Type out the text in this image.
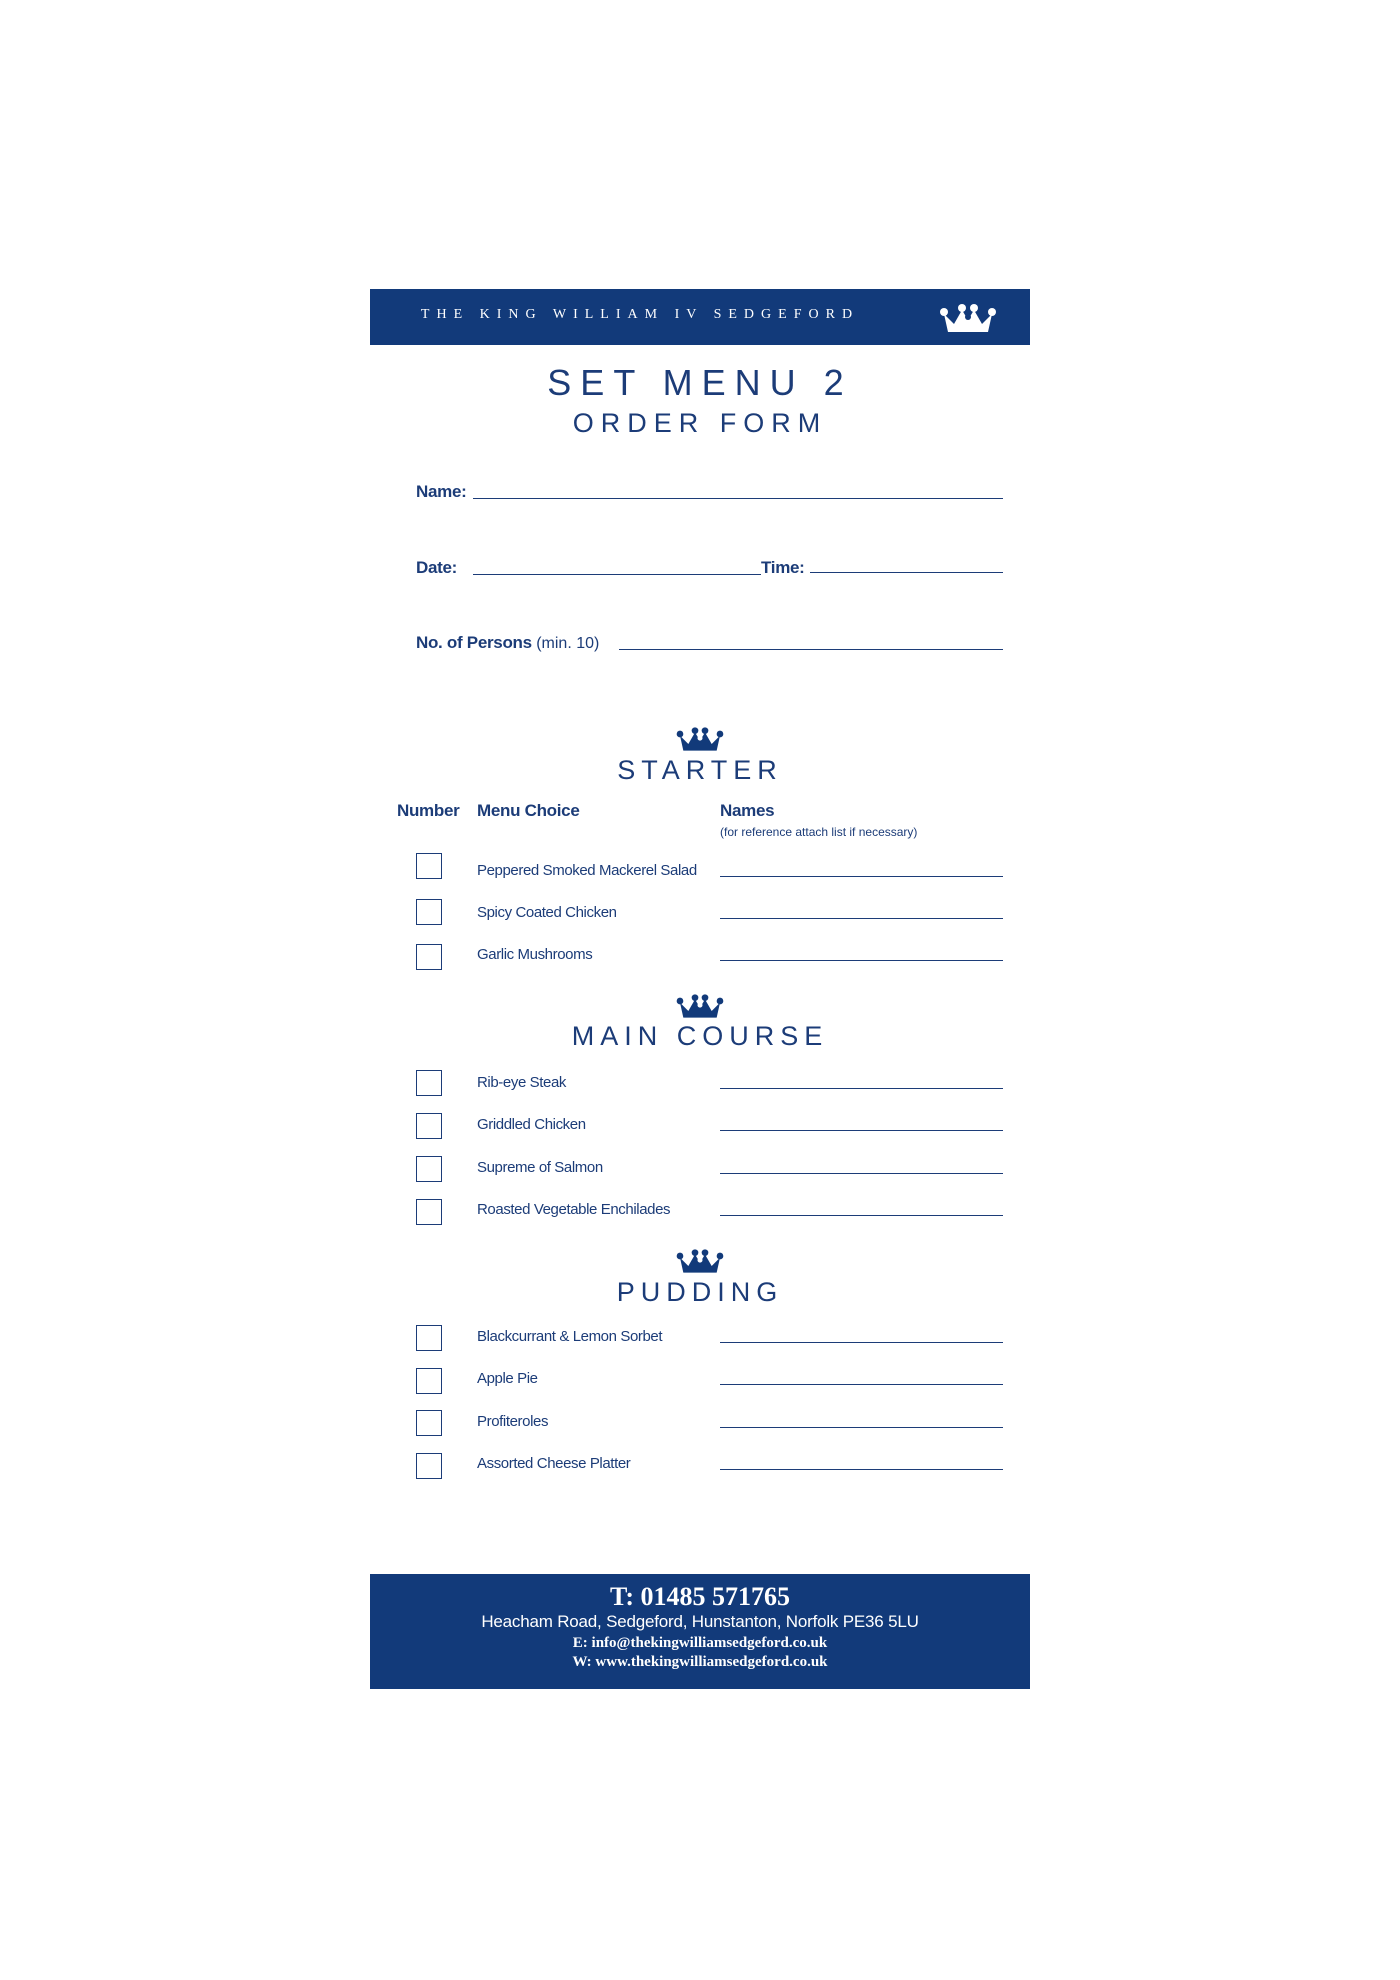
THE KING WILLIAM IV SEDGEFORD
SET MENU 2
ORDER FORM
Name:
Date:	Time:
No. of Persons (min. 10)
Number Menu Choice	Names
(for reference attach list if necessary)
STARTER
Peppered Smoked Mackerel Salad
Spicy Coated Chicken
Garlic Mushrooms
MAIN COURSE
Rib-eye Steak
Griddled Chicken
Supreme of Salmon
Roasted Vegetable Enchilades
PUDDING
Blackcurrant & Lemon Sorbet
Apple Pie
Profiteroles
Assorted Cheese Platter
T: 01485 571765
Heacham Road, Sedgeford, Hunstanton, Norfolk PE36 5LU
E: info@thekingwilliamsedgeford.co.uk
W: www.thekingwilliamsedgeford.co.uk
